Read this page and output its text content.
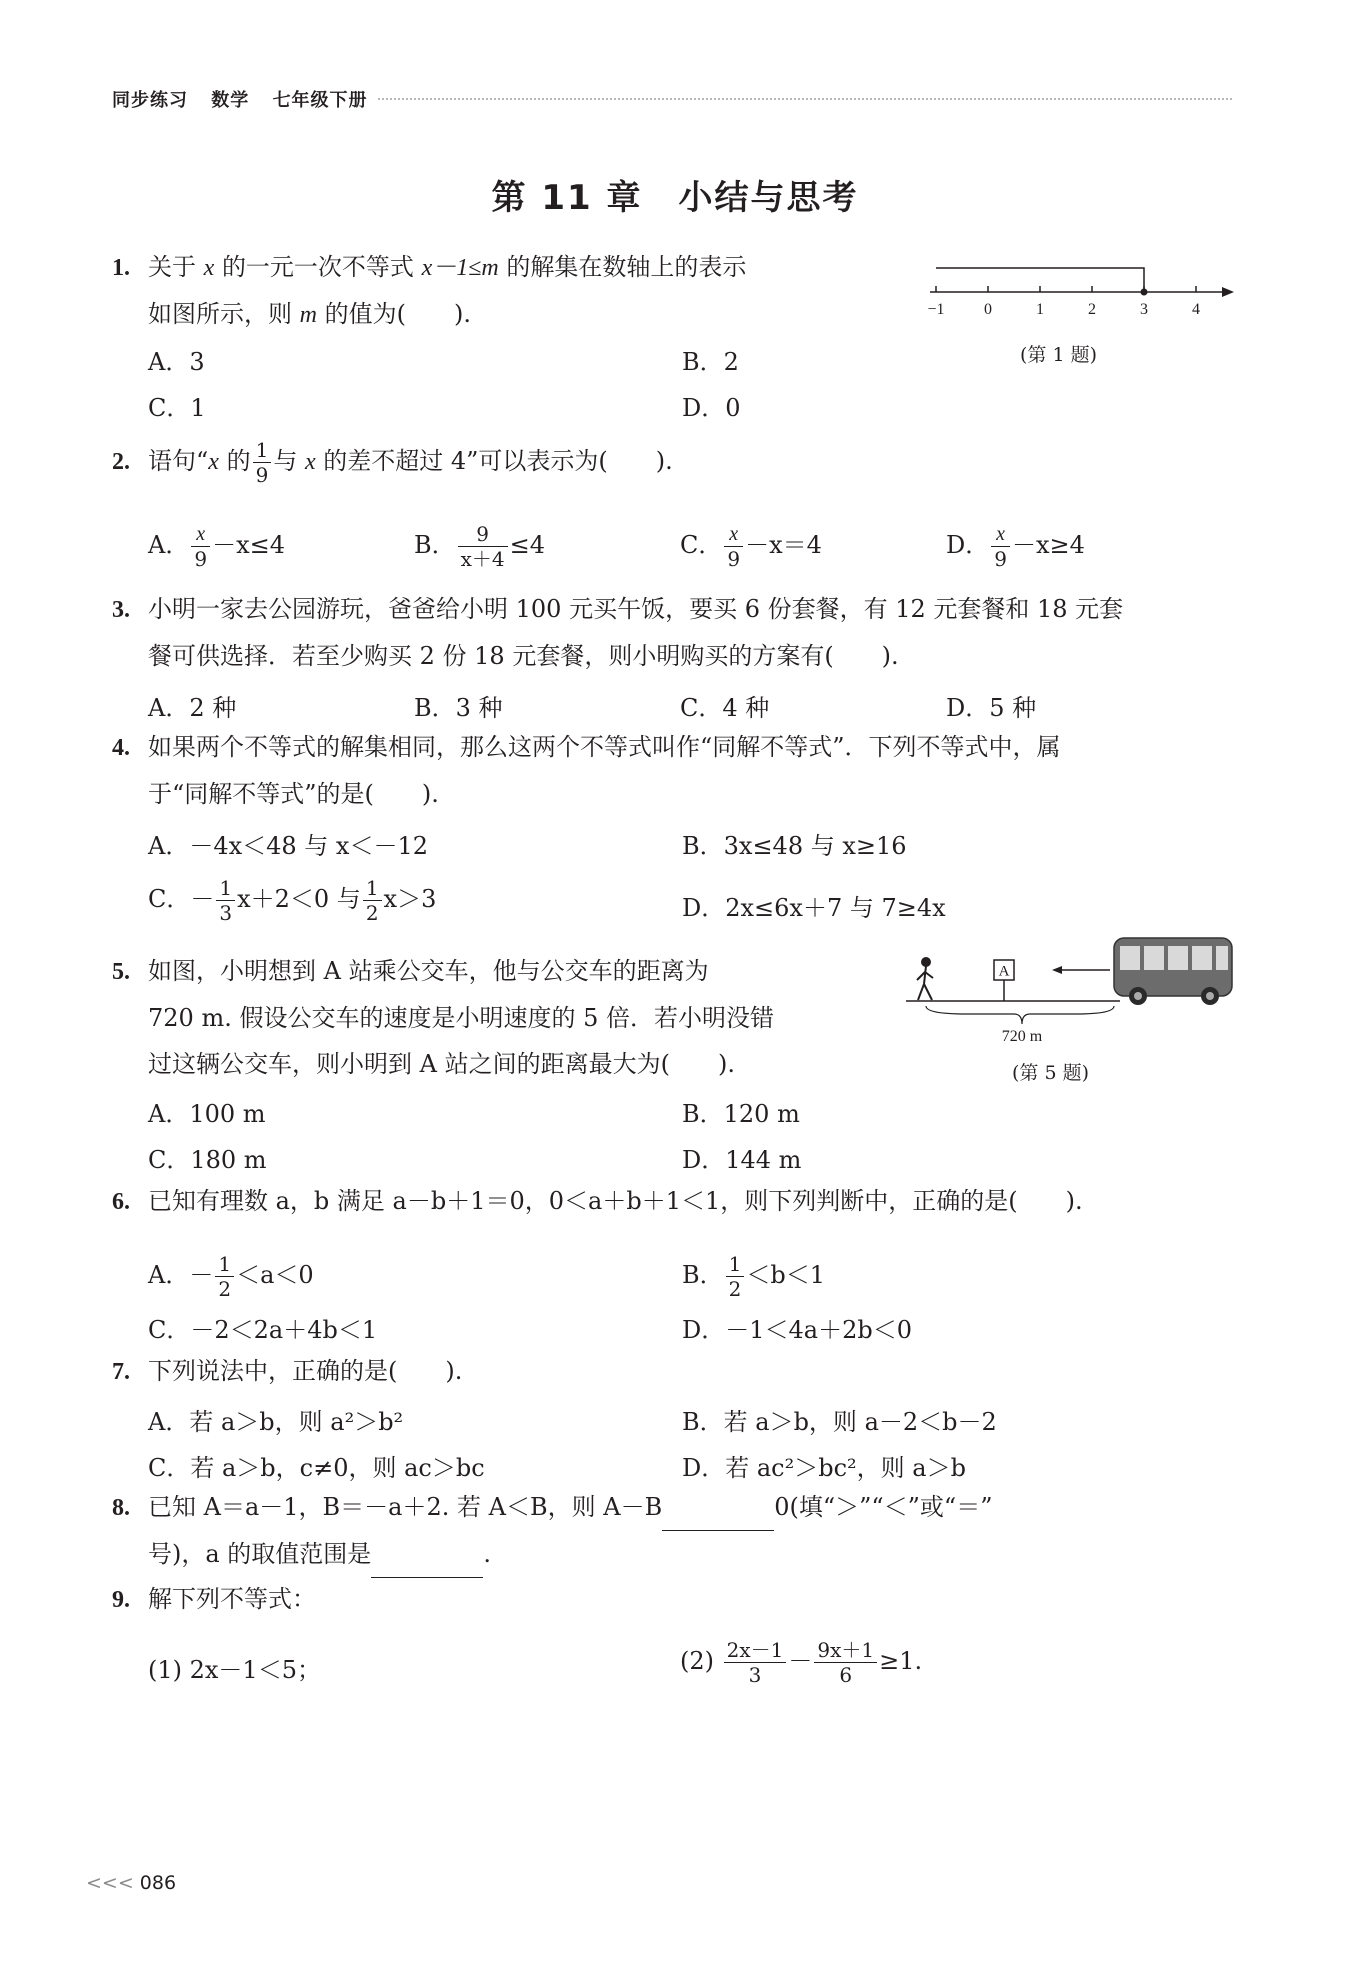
同步练习 数学 七年级下册
第 11 章　小结与思考
1. 关于 x 的一元一次不等式 x－1≤m 的解集在数轴上的表示
如图所示，则 m 的值为(　　).
A．3	B．2
C．1	D．0
−1 0	1	2	3	4
(第 1 题)
2. 语句“x 的 $\frac{1}{9}$ 与 x 的差不超过 4”可以表示为(　　).
A． $\frac{x}{9} -x\le 4$	B． $\frac{9}{x+4} \le 4$	C． $\frac{x}{9} -x=4$	D． $\frac{x}{9} -x\ge 4$
3. 小明一家去公园游玩，爸爸给小明 100 元买午饭，要买 6 份套餐，有 12 元套餐和 18 元套
餐可供选择．若至少购买 2 份 18 元套餐，则小明购买的方案有(　　).
A．2 种	B．3 种	C．4 种	D．5 种
4. 如果两个不等式的解集相同，那么这两个不等式叫作“同解不等式”．下列不等式中，属
于“同解不等式”的是(　　).
A．－4x＜48 与 x＜－12	B．3x≤48 与 x≥16
C．－ $\frac{1}{3} x+2<0$ 与 $\frac{1}{2} x>3$	D．2x≤6x＋7 与 7≥4x
5. 如图，小明想到 A 站乘公交车，他与公交车的距离为
720 m. 假设公交车的速度是小明速度的 5 倍．若小明没错
过这辆公交车，则小明到 A 站之间的距离最大为(　　).
A．100 m	B．120 m
C．180 m	D．144 m
A
720 m
(第 5 题)
6. 已知有理数 a，b 满足 a－b＋1＝0，0＜a＋b＋1＜1，则下列判断中，正确的是(　　).
A．－ $\frac{1}{2} <a<0$	B． $\frac{1}{2} <b<1$
C．－2＜2a＋4b＜1	D．－1＜4a＋2b＜0
7. 下列说法中，正确的是(　　).
A．若 a＞b，则 a²＞b²	B．若 a＞b，则 a－2＜b－2
C．若 a＞b，c≠0，则 ac＞bc	D．若 ac²＞bc²，则 a＞b
8. 已知 A＝a－1，B＝－a＋2. 若 A＜B，则 A－B	0(填“＞”“＜”或“＝”
号)，a 的取值范围是	.
9. 解下列不等式：
(1) 2x－1＜5；	$(2) \frac{2x-1}{3} - \frac{9x+1}{6} \ge 1$.
<<< 086
